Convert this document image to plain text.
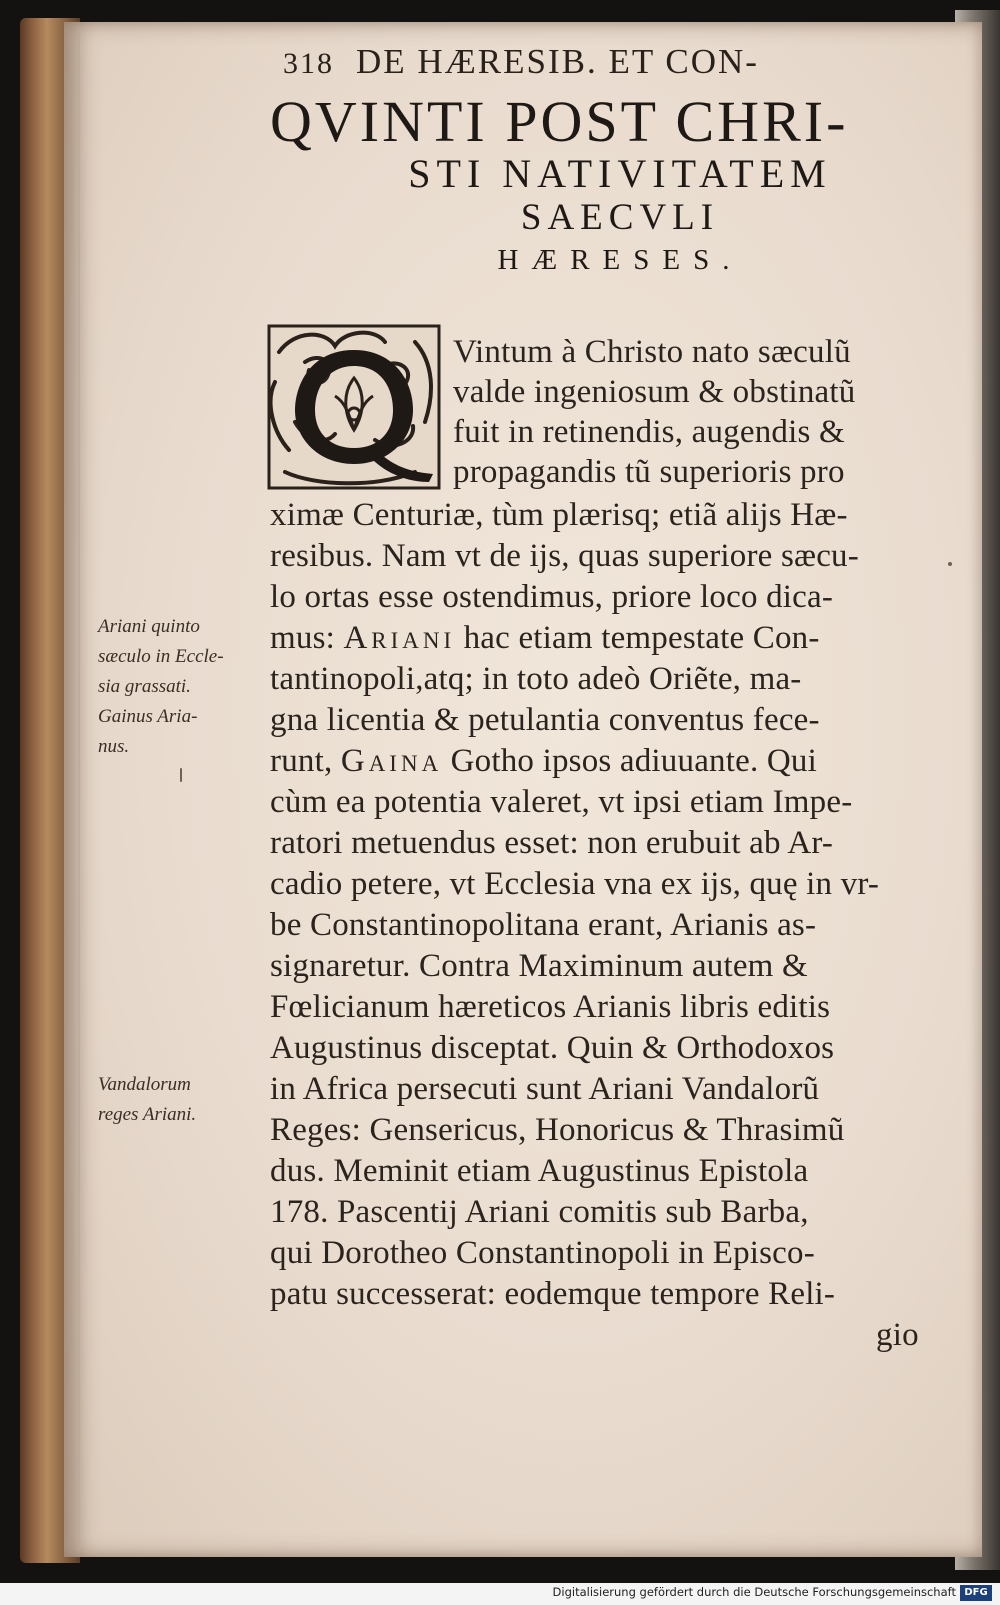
318 DE HÆRESIB. ET CON-
QVINTI POST CHRI-
STI NATIVITATEM
SAECVLI
HÆRESES.
Vintum à Christo nato sæculũ
valde ingeniosum & obstinatũ
fuit in retinendis, augendis &
propagandis tũ superioris pro
ximæ Centuriæ, tùm plærisq; etiã alijs Hæ-
resibus. Nam vt de ijs, quas superiore sæcu-
lo ortas esse ostendimus, priore loco dica-
mus: Ariani hac etiam tempestate Con-
tantinopoli,atq; in toto adeò Oriẽte, ma-
gna licentia & petulantia conventus fece-
runt, Gaina Gotho ipsos adiuuante. Qui
cùm ea potentia valeret, vt ipsi etiam Impe-
ratori metuendus esset: non erubuit ab Ar-
cadio petere, vt Ecclesia vna ex ijs, quę in vr-
be Constantinopolitana erant, Arianis as-
signaretur. Contra Maximinum autem &
Fœlicianum hæreticos Arianis libris editis
Augustinus disceptat. Quin & Orthodoxos
in Africa persecuti sunt Ariani Vandalorũ
Reges: Gensericus, Honoricus & Thrasimũ
dus. Meminit etiam Augustinus Epistola
178. Pascentij Ariani comitis sub Barba,
qui Dorotheo Constantinopoli in Episco-
patu successerat: eodemque tempore Reli-
gio
Ariani quinto
sæculo in Eccle-
sia grassati.
Gainus Aria-
nus.
Vandalorum
reges Ariani.
Digitalisierung gefördert durch die Deutsche Forschungsgemeinschaft DFG
